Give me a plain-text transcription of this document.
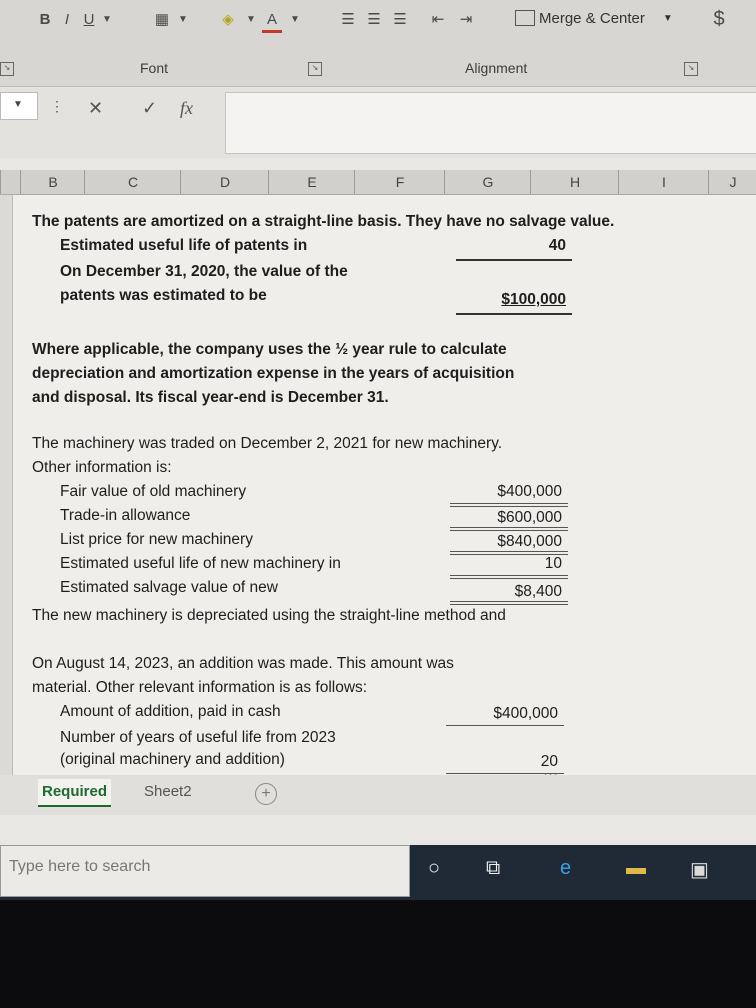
B I U ▼	▦ ▼	◈	▼ A	▼	☰ ☰ ☰	⇤	⇥	Merge & Center ▼ $
Font
↘	↘	Alignment	↘
▼ ⋮ ✕ ✓ fx
B	C	D	E	F	G	H	I	J
The patents are amortized on a straight-line basis. They have no salvage value.
Estimated useful life of patents in	40
On December 31, 2020, the value of the
patents was estimated to be	$100,000
Where applicable, the company uses the ½ year rule to calculate
depreciation and amortization expense in the years of acquisition
and disposal. Its fiscal year-end is December 31.
The machinery was traded on December 2, 2021 for new machinery.
Other information is:
Fair value of old machinery	$400,000
Trade-in allowance	$600,000
List price for new machinery	$840,000
Estimated useful life of new machinery in	10
Estimated salvage value of new	$8,400
The new machinery is depreciated using the straight-line method and
On August 14, 2023, an addition was made. This amount was
material. Other relevant information is as follows:
Amount of addition, paid in cash	$400,000
Number of years of useful life from 2023
(original machinery and addition)	20
Required Sheet2	+
Type here to search	○ ⧉	e	▬ ▣
